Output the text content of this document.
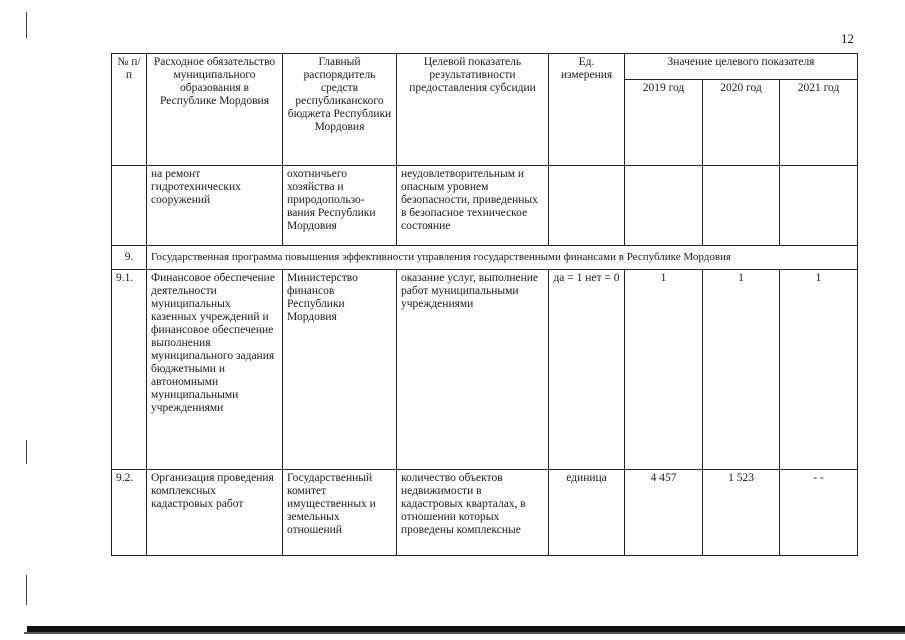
12
№ п/п	Расходное обязательство муниципального образования в Республике Мордовия	Главный распорядитель средств республиканского бюджета Республики Мордовия	Целевой показатель результативности предоставления субсидии	Ед. измерения	Значение целевого показателя		
					2019 год	2020 год	2021 год
	на ремонт гидротехнических сооружений	охотничьего хозяйства и природопользо-вания Республики Мордовия	неудовлетворительным и опасным уровнем безопасности, приведенных в безопасное техническое состояние				
9.	Государственная программа повышения эффективности управления государственными финансами в Республике Мордовия						
9.1.	Финансовое обеспечение деятельности муниципальных казенных учреждений и финансовое обеспечение выполнения муниципального задания бюджетными и автономными муниципальными учреждениями	Министерство финансов Республики Мордовия	оказание услуг, выполнение работ муниципальными учреждениями	да = 1 нет = 0	1	1	1
9.2.	Организация проведения комплексных кадастровых работ	Государственный комитет имущественных и земельных отношений	количество объектов недвижимости в кадастровых кварталах, в отношении которых проведены комплексные	единица	4 457	1 523	- -
